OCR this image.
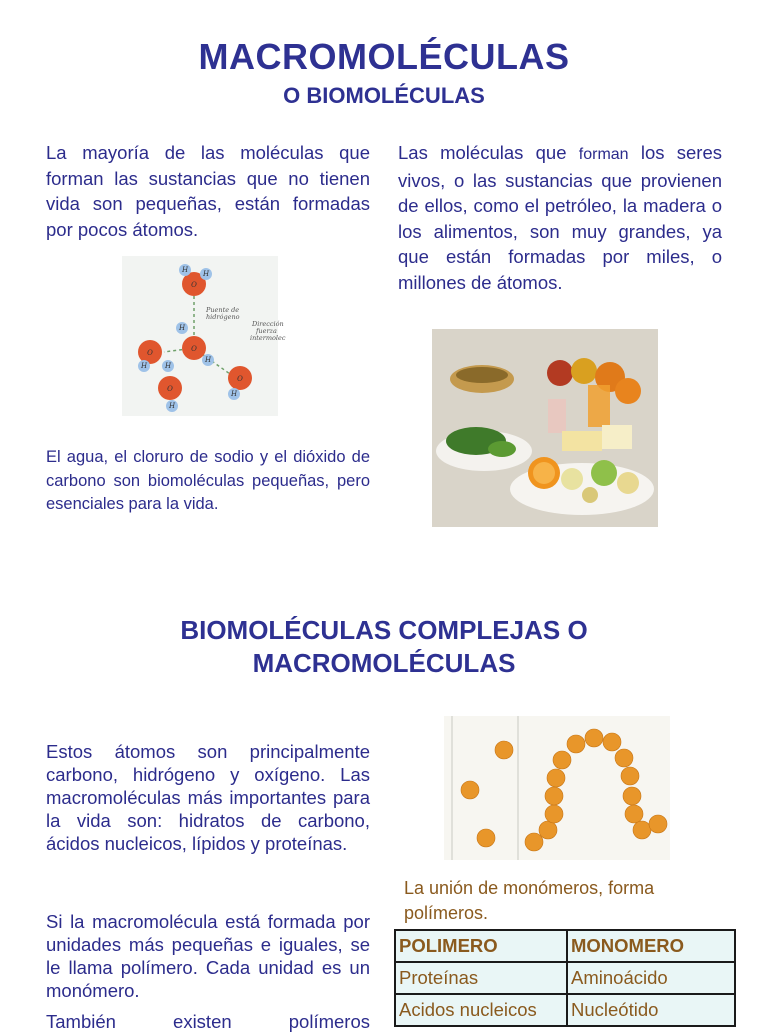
MACROMOLÉCULAS
O BIOMOLÉCULAS
La mayoría de las moléculas que forman las sustancias que no tienen vida son pequeñas, están formadas por pocos átomos.
Las moléculas que forman los seres vivos, o las sustancias que provienen de ellos, como el petróleo, la madera o los alimentos, son muy grandes, ya que están formadas por miles, o millones de átomos.
Puente de
hidrógeno
Dirección
fuerza
intermolec
O
O
O
O
O
H H
H
H
H	H
H
H
El agua, el cloruro de sodio y el dióxido de carbono son biomoléculas pequeñas, pero esenciales para la vida.
BIOMOLÉCULAS COMPLEJAS O
MACROMOLÉCULAS
Estos átomos son principalmente carbono, hidrógeno y oxígeno. Las macromoléculas más importantes para la vida son: hidratos de carbono, ácidos nucleicos, lípidos y proteínas.
La unión de monómeros, forma polímeros.
Si la macromolécula está formada por unidades más pequeñas e iguales, se le llama polímero. Cada unidad es un monómero.
También existen polímeros
POLIMERO	MONOMERO
Proteínas	Aminoácido
Acidos nucleicos	Nucleótido
